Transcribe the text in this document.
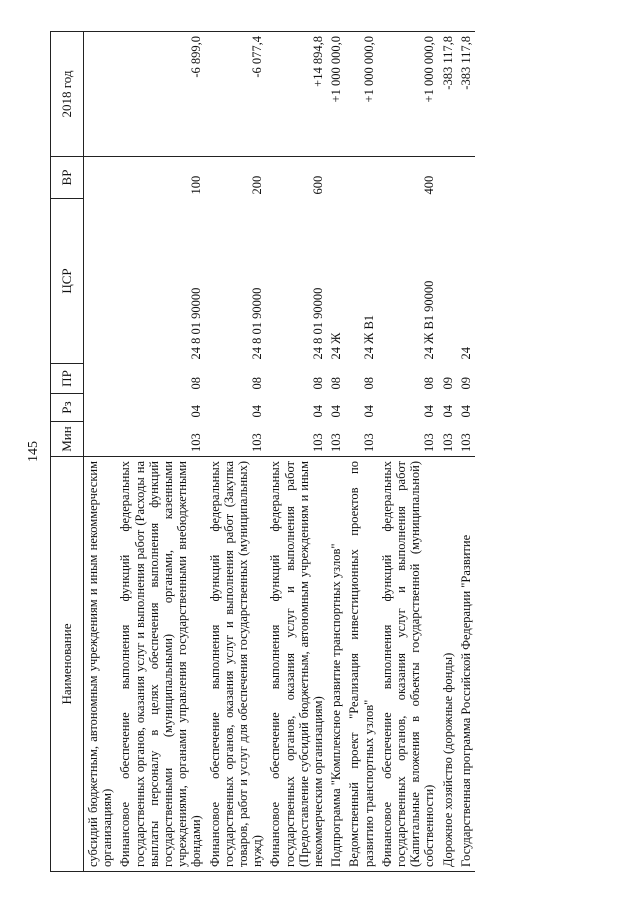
145
Наименование	Мин	Рз	ПР	ЦСР	ВР	2018 год
субсидий бюджетным, автономным учреждениям и иным некоммерческим организациям)						
Финансовое обеспечение выполнения функций федеральных государственных органов, оказания услуг и выполнения работ (Расходы на выплаты персоналу в целях обеспечения выполнения функций государственными (муниципальными) органами, казенными учреждениями, органами управления государственными внебюджетными фондами)	103	04	08	24 8 01 90000	100	-6 899,0
Финансовое обеспечение выполнения функций федеральных государственных органов, оказания услуг и выполнения работ (Закупка товаров, работ и услуг для обеспечения государственных (муниципальных) нужд)	103	04	08	24 8 01 90000	200	-6 077,4
Финансовое обеспечение выполнения функций федеральных государственных органов, оказания услуг и выполнения работ (Предоставление субсидий бюджетным, автономным учреждениям и иным некоммерческим организациям)	103	04	08	24 8 01 90000	600	+14 894,8
Подпрограмма "Комплексное развитие транспортных узлов"	103	04	08	24 Ж		+1 000 000,0
Ведомственный проект "Реализация инвестиционных проектов по развитию транспортных узлов"	103	04	08	24 Ж В1		+1 000 000,0
Финансовое обеспечение выполнения функций федеральных государственных органов, оказания услуг и выполнения работ (Капитальные вложения в объекты государственной (муниципальной) собственности)	103	04	08	24 Ж В1 90000	400	+1 000 000,0
Дорожное хозяйство (дорожные фонды)	103	04	09			-383 117,8
Государственная программа Российской Федерации "Развитие	103	04	09	24		-383 117,8
